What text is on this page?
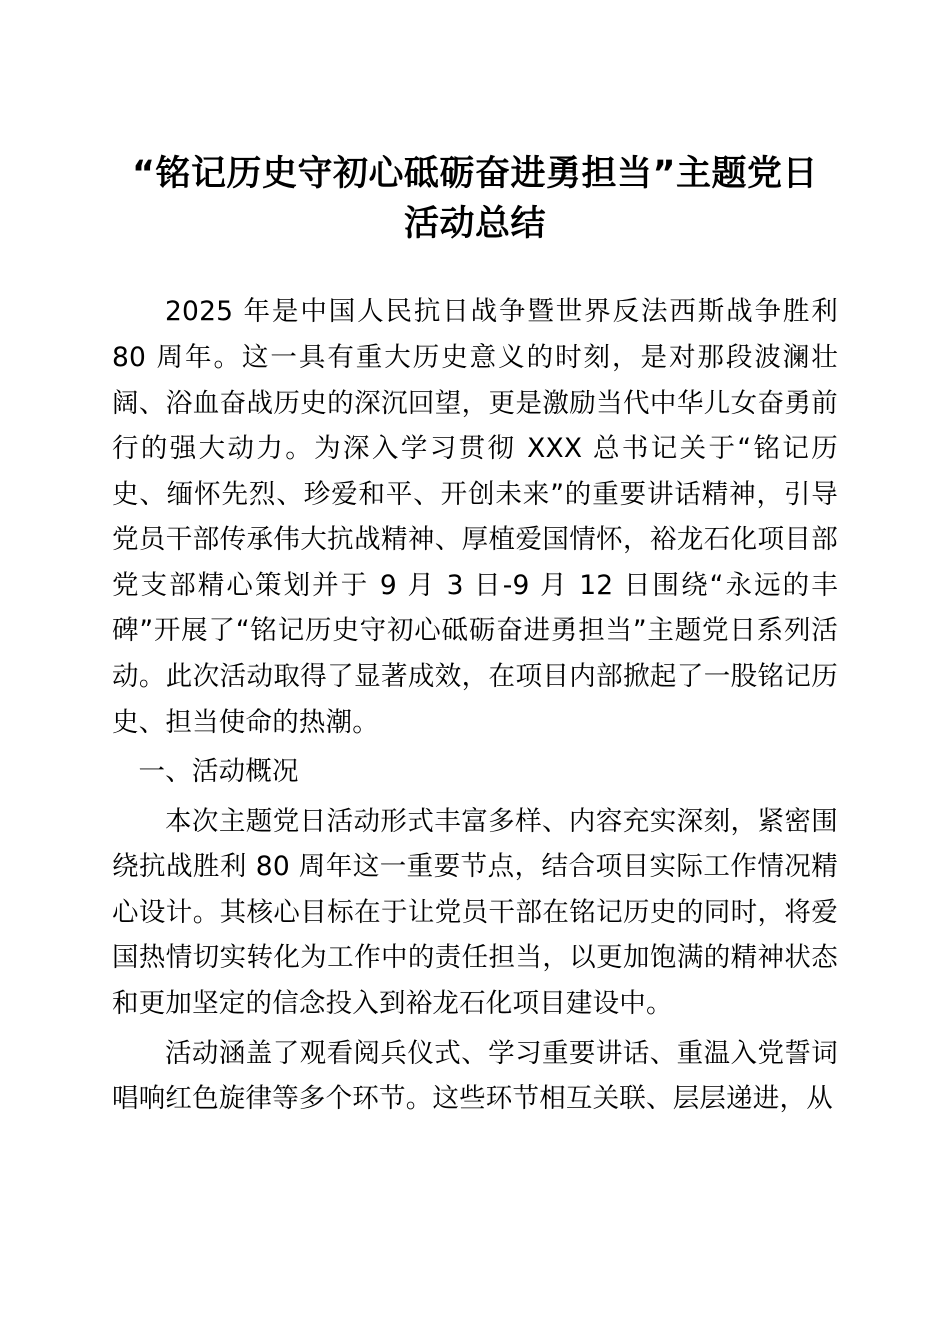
“铭记历史守初心砥砺奋进勇担当”主题党日活动总结

2025 年是中国人民抗日战争暨世界反法西斯战争胜利 80 周年。这一具有重大历史意义的时刻，是对那段波澜壮阔、浴血奋战历史的深沉回望，更是激励当代中华儿女奋勇前行的强大动力。为深入学习贯彻 XXX 总书记关于“铭记历史、缅怀先烈、珍爱和平、开创未来”的重要讲话精神，引导党员干部传承伟大抗战精神、厚植爱国情怀，裕龙石化项目部党支部精心策划并于 9 月 3 日-9 月 12 日围绕“永远的丰碑”开展了“铭记历史守初心砥砺奋进勇担当”主题党日系列活动。此次活动取得了显著成效，在项目内部掀起了一股铭记历史、担当使命的热潮。

一、活动概况

本次主题党日活动形式丰富多样、内容充实深刻，紧密围绕抗战胜利 80 周年这一重要节点，结合项目实际工作情况精心设计。其核心目标在于让党员干部在铭记历史的同时，将爱国热情切实转化为工作中的责任担当，以更加饱满的精神状态和更加坚定的信念投入到裕龙石化项目建设中。

活动涵盖了观看阅兵仪式、学习重要讲话、重温入党誓词唱响红色旋律等多个环节。这些环节相互关联、层层递进，从
